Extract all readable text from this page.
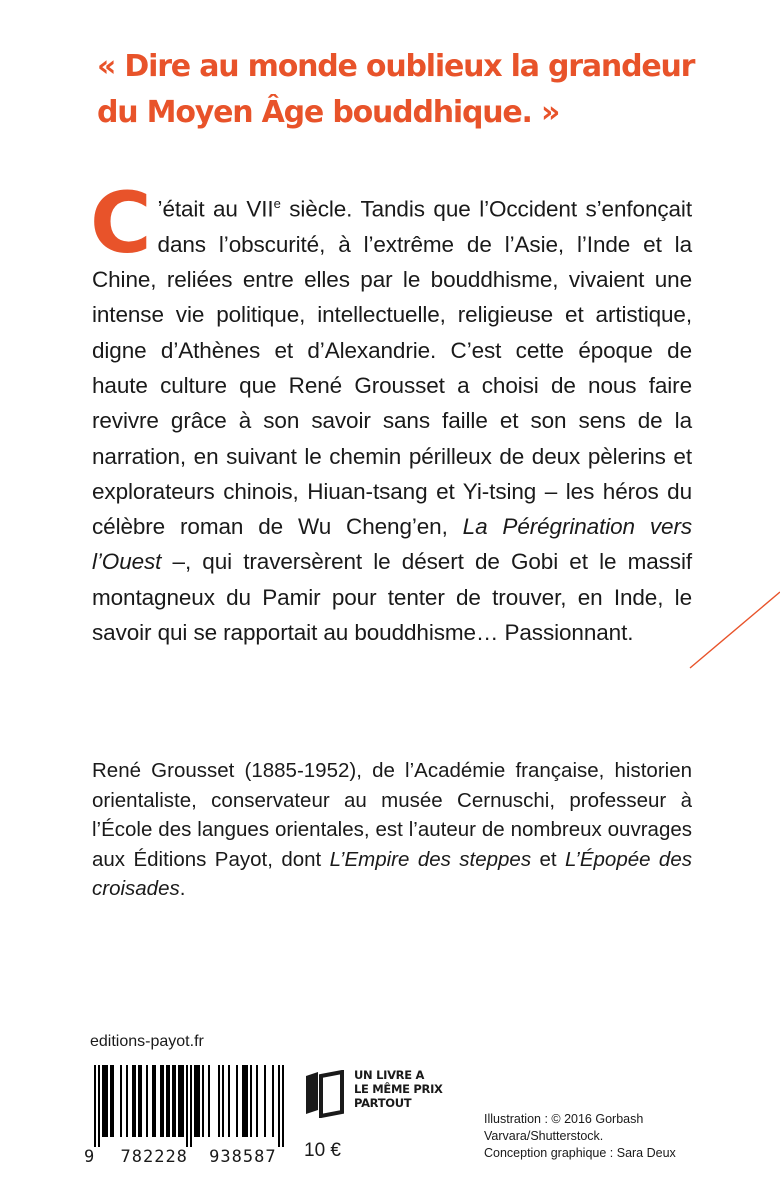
« Dire au monde oublieux la grandeur du Moyen Âge bouddhique. »

C ’était au VIIe siècle. Tandis que l’Occident s’enfonçait dans l’obscurité, à l’extrême de l’Asie, l’Inde et la Chine, reliées entre elles par le bouddhisme, vivaient une intense vie politique, intellectuelle, religieuse et artistique, digne d’Athènes et d’Alexandrie. C’est cette époque de haute culture que René Grousset a choisi de nous faire revivre grâce à son savoir sans faille et son sens de la narration, en suivant le chemin périlleux de deux pèlerins et explorateurs chinois, Hiuan-tsang et Yi-tsing – les héros du célèbre roman de Wu Cheng’en, La Pérégrination vers l’Ouest –, qui traversèrent le désert de Gobi et le massif montagneux du Pamir pour tenter de trouver, en Inde, le savoir qui se rapportait au bouddhisme… Passionnant.

René Grousset (1885-1952), de l’Académie française, historien orientaliste, conservateur au musée Cernuschi, professeur à l’École des langues orientales, est l’auteur de nombreux ouvrages aux Éditions Payot, dont L’Empire des steppes et L’Épopée des croisades.

editions-payot.fr

9 782228 938587
UN LIVRE A
LE MÊME PRIX
PARTOUT
10 €
Illustration : © 2016 Gorbash
Varvara/Shutterstock.
Conception graphique : Sara Deux
